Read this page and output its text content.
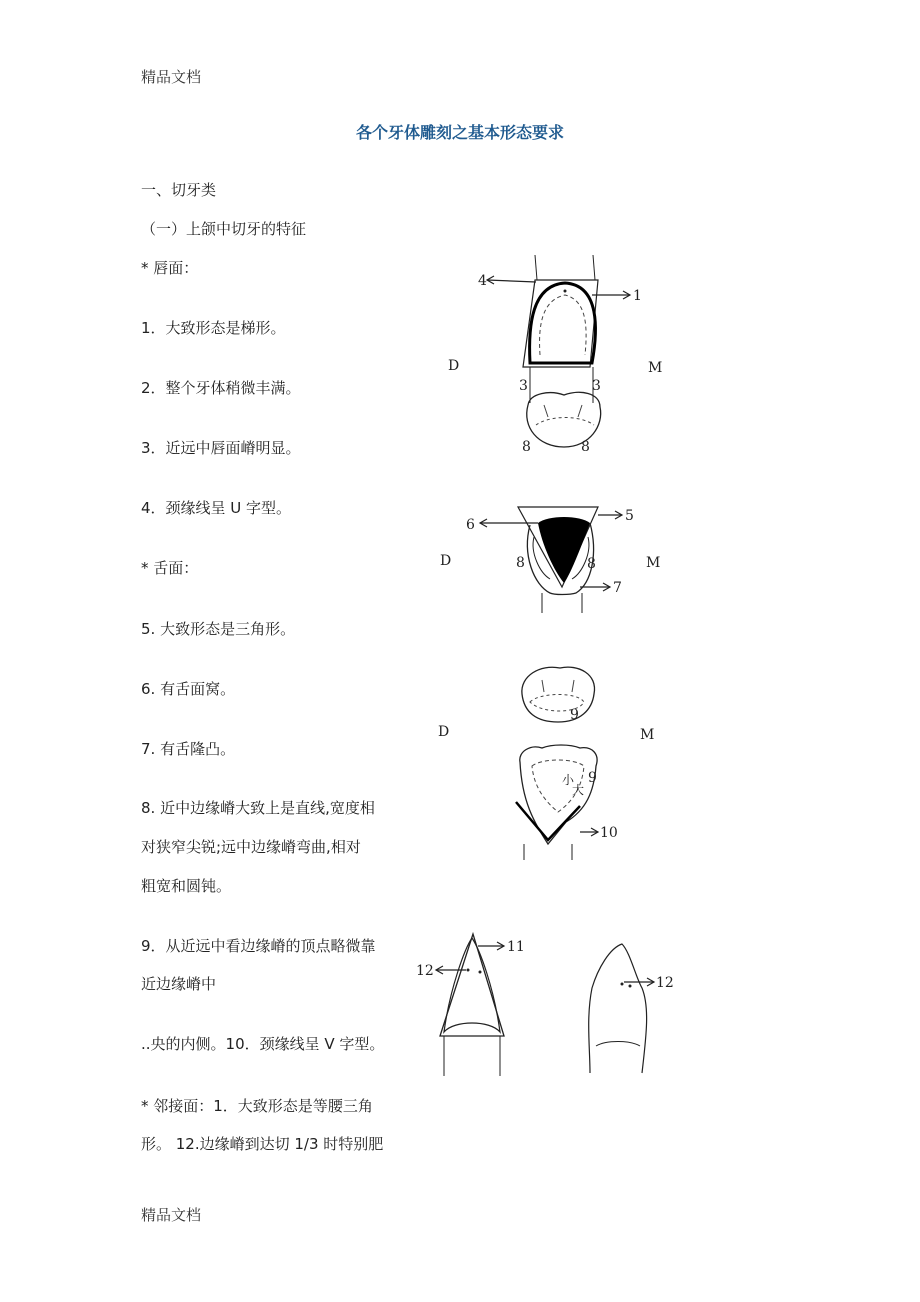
精品文档
各个牙体雕刻之基本形态要求
一、切牙类
（一）上颌中切牙的特征
* 唇面：
1．大致形态是梯形。
2．整个牙体稍微丰满。
3．近远中唇面嵴明显。
4．颈缘线呈 U 字型。
* 舌面：
5. 大致形态是三角形。
6. 有舌面窝。
7. 有舌隆凸。
8. 近中边缘嵴大致上是直线,宽度相
对狭窄尖锐;远中边缘嵴弯曲,相对
粗宽和圆钝。
9．从近远中看边缘嵴的顶点略微靠
近边缘嵴中
..央的内侧。10．颈缘线呈 V 字型。
* 邻接面：1．大致形态是等腰三角
形。 12.边缘嵴到达切 1/3 时特别肥
精品文档
4
1
D	M
3	3
8	8
6
5
D	M
8	8
7
9
D	M
小
大
9
10
11
12
12
